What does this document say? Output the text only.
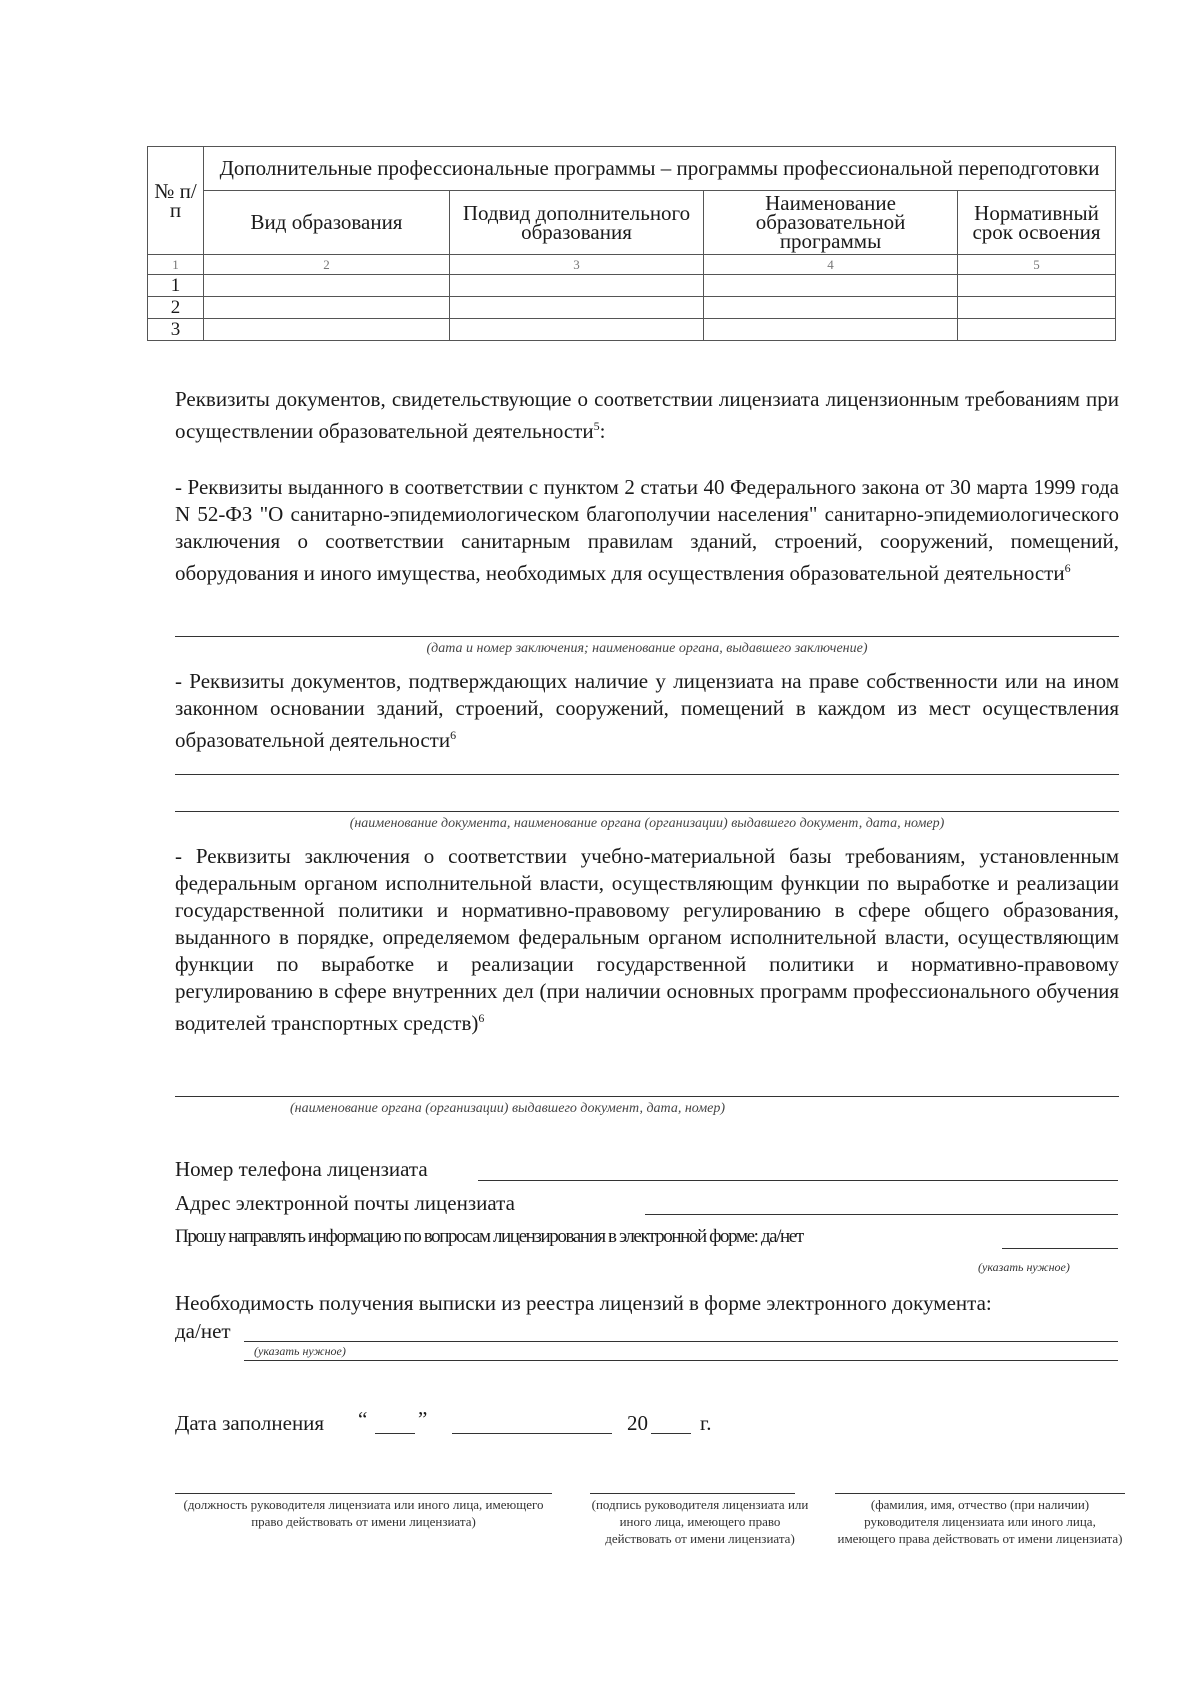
№ п/п	Дополнительные профессиональные программы – программы профессиональной переподготовки			
	Вид образования	Подвид дополнительного образования	Наименование образовательной программы	Нормативный срок освоения
1	2	3	4	5
1				
2				
3				
Реквизиты документов, свидетельствующие о соответствии лицензиата лицензионным требованиям при осуществлении образовательной деятельности$^5$:
- Реквизиты выданного в соответствии с пунктом 2 статьи 40 Федерального закона от 30 марта 1999 года N 52-ФЗ "О санитарно-эпидемиологическом благополучии населения" санитарно-эпидемиологического заключения о соответствии санитарным правилам зданий, строений, сооружений, помещений, оборудования и иного имущества, необходимых для осуществления образовательной деятельности$^6$
(дата и номер заключения; наименование органа, выдавшего заключение)
- Реквизиты документов, подтверждающих наличие у лицензиата на праве собственности или на ином законном основании зданий, строений, сооружений, помещений в каждом из мест осуществления образовательной деятельности$^6$
(наименование документа, наименование органа (организации) выдавшего документ, дата, номер)
- Реквизиты заключения о соответствии учебно-материальной базы требованиям, установленным федеральным органом исполнительной власти, осуществляющим функции по выработке и реализации государственной политики и нормативно-правовому регулированию в сфере общего образования, выданного в порядке, определяемом федеральным органом исполнительной власти, осуществляющим функции по выработке и реализации государственной политики и нормативно-правовому регулированию в сфере внутренних дел (при наличии основных программ профессионального обучения водителей транспортных средств)$^6$
(наименование органа (организации) выдавшего документ, дата, номер)
Номер телефона лицензиата
Адрес электронной почты лицензиата
Прошу направлять информацию по вопросам лицензирования в электронной форме: да/нет
(указать нужное)
Необходимость получения выписки из реестра лицензий в форме электронного документа:
да/нет
(указать нужное)
Дата заполнения “ ”	20 г.
(должность руководителя лицензиата или иного лица, имеющего право действовать от имени лицензиата)
(подпись руководителя лицензиата или иного лица, имеющего право действовать от имени лицензиата)
(фамилия, имя, отчество (при наличии) руководителя лицензиата или иного лица, имеющего права действовать от имени лицензиата)
